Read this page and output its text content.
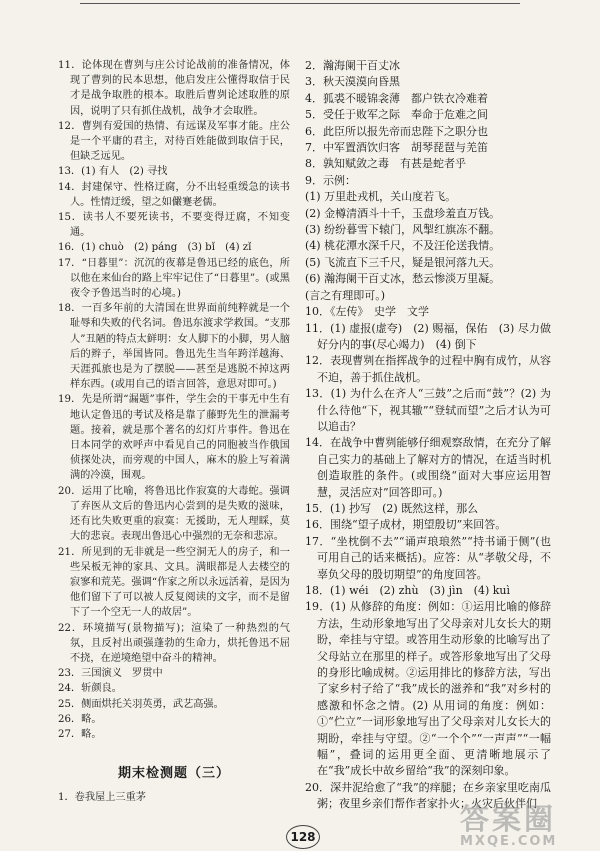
11．论体现在曹刿与庄公讨论战前的准备情况，体现了曹刿的民本思想，他启发庄公懂得取信于民才是战争取胜的根本。取胜后曹刿论述取胜的原因，说明了只有抓住战机，战争才会取胜。
12．曹刿有爱国的热情、有远谋及军事才能。庄公是一个平庸的君主，对待百姓能做到取信于民，但缺乏远见。
13．(1) 有人　(2) 寻找
14．封建保守、性格迂腐，分不出轻重缓急的读书人。性情迂缓，望之如儼蹇老儒。
15．读书人不要死读书，不要变得迂腐，不知变通。
16．(1) chuò　(2) páng　(3) bǐ　(4) zǐ
17．“日暮里”：沉沉的夜幕是鲁迅已经的底色，所以他在来仙台的路上牢牢记住了“日暮里”。(或黑夜令予鲁迅当时的心境。)
18．一百多年前的大清国在世界面前纯粹就是一个耻辱和失败的代名词。鲁迅东渡求学救国。“支那人”丑陋的特点太鲜明：女人脚下的小脚，男人脑后的辫子，举国皆同。鲁迅先生当年跨洋越海、天涯孤旅也是为了摆脱——甚至是逃脱不掉这两样东西。(或用自己的语言回答，意思对即可。)
19．先是所谓“漏题”事件，学生会的干事无中生有地认定鲁迅的考试及格是靠了藤野先生的泄漏考题。接着，就是那个著名的幻灯片事件。鲁迅在日本同学的欢呼声中看见自己的同胞被当作俄国侦探处决，而旁观的中国人，麻木的脸上写着满满的冷漠，围观。
20．运用了比喻，将鲁迅比作寂寞的大毒蛇。强调了弃医从文后的鲁迅内心尝到的是失败的滋味，还有比失败更重的寂寞：无援助，无人理睬，莫大的悲哀。表现出鲁迅心中强烈的无奈和悲凉。
21．所见到的无非就是一些空洞无人的房子，和一些呆板无神的家具、文具。满眼都是人去楼空的寂寥和荒芜。强调“作家之所以永远活着，是因为他们留下了可以被人反复阅读的文字，而不是留下了一个空无一人的故居”。
22．环境描写(景物描写)；渲染了一种热烈的气氛，且反衬出顽强蓬勃的生命力，烘托鲁迅不屈不挠，在逆境绝望中奋斗的精神。
23．三国演义　罗贯中
24．斩颜良。
25．侧面烘托关羽英勇，武艺高强。
26．略。
27．略。
期末检测题（三）
1．卷我屋上三重茅
2．瀚海阑干百丈冰
3．秋天漠漠向昏黑
4．狐裘不暖锦衾薄　都户铁衣冷难着
5．受任于败军之际　奉命于危难之间
6．此臣所以报先帝而忠陛下之职分也
7．中军置酒饮归客　胡琴琵琶与羌笛
8．孰知赋敛之毒　有甚是蛇者乎
9．示例：
(1) 万里赴戎机，关山度若飞。
(2) 金樽清酒斗十千，玉盘珍羞直万钱。
(3) 纷纷暮雪下辕门，风掣红旗冻不翻。
(4) 桃花潭水深千尺，不及汪伦送我情。
(5) 飞流直下三千尺，疑是银河落九天。
(6) 瀚海阑干百丈冰，愁云惨淡万里凝。
(言之有理即可。)
10．《左传》　史学　文学
11．(1) 虚报(虚夸)　(2) 赐福，保佑　(3) 尽力做好分内的事(尽心竭力)　(4) 倒下
12．表现曹刿在指挥战争的过程中胸有成竹，从容不迫，善于抓住战机。
13．(1) 为什么在齐人“三鼓”之后而“鼓”？(2) 为什么待他“下，视其辙”“登轼而望”之后才认为可以追击？
14．在战争中曹刿能够仔细观察敌情，在充分了解自己实力的基础上了解对方的情况，在适当时机创造取胜的条件。(或围绕“面对大事应运用智慧，灵活应对”回答即可。)
15．(1) 抄写　(2) 既然这样，那么
16．围绕“望子成材，期望殷切”来回答。
17．“坐枕倒不去”“诵声琅琅然”“持书诵于侧”(也可用自己的话来概括)。应答：从“孝敬父母，不辜负父母的殷切期望”的角度回答。
18．(1) wéi　(2) zhù　(3) jìn　(4) kuì
19．(1) 从修辞的角度：例如：①运用比喻的修辞方法，生动形象地写出了父母亲对儿女长大的期盼，牵挂与守望。或答用生动形象的比喻写出了父母站立在那里的样子。或答形象地写出了父母的身形比喻成树。②运用排比的修辞方法，写出了家乡村子给了“我”成长的滋养和“我”对乡村的感激和怀念之情。(2) 从用词的角度：例如：①“伫立”一词形象地写出了父母亲对儿女长大的期盼，牵挂与守望。②“一个个”“一声声”“一幅幅”，叠词的运用更全面、更清晰地展示了在“我”成长中故乡留给“我”的深刻印象。
20．深井泥给愈了“我”的痒腿；在乡亲家里吃南瓜粥；夜里乡亲们帮作者家扑火；火灾后伙伴们
128
答案圈
MXQE.COM
